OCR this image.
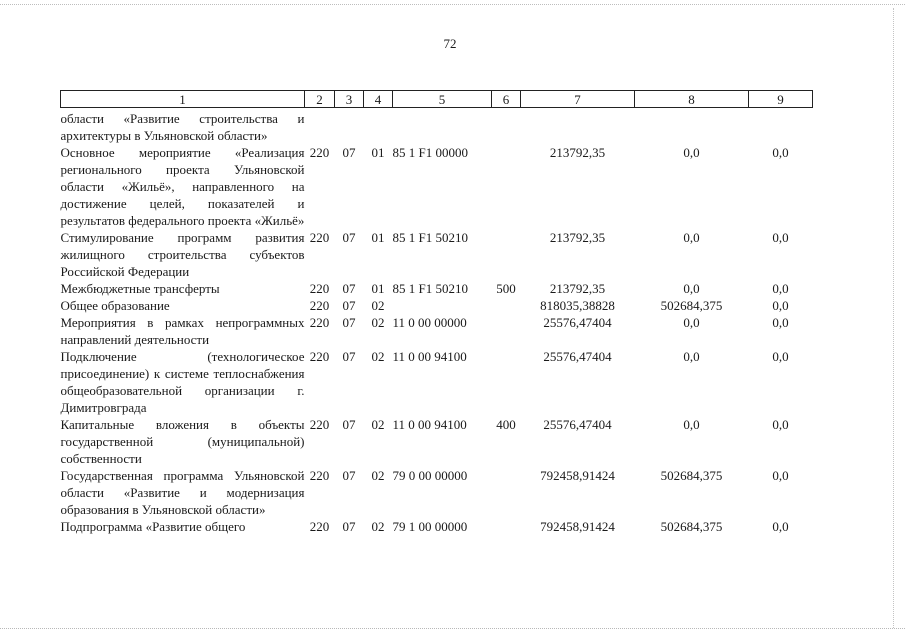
72
1	2	3	4	5	6	7	8	9
области «Развитие строительства и архитектуры в Ульяновской области»								
Основное мероприятие «Реализация регионального проекта Ульяновской области «Жильё», направленного на достижение целей, показателей и результатов федерального проекта «Жильё»	220	07	01	85 1 F1 00000		213792,35	0,0	0,0
Стимулирование программ развития жилищного строительства субъектов Российской Федерации	220	07	01	85 1 F1 50210		213792,35	0,0	0,0
Межбюджетные трансферты	220	07	01	85 1 F1 50210	500	213792,35	0,0	0,0
Общее образование	220	07	02			818035,38828	502684,375	0,0
Мероприятия в рамках непрограммных направлений деятельности	220	07	02	11 0 00 00000		25576,47404	0,0	0,0
Подключение (технологическое присоединение) к системе теплоснабжения общеобразовательной организации г. Димитровграда	220	07	02	11 0 00 94100		25576,47404	0,0	0,0
Капитальные вложения в объекты государственной (муниципальной) собственности	220	07	02	11 0 00 94100	400	25576,47404	0,0	0,0
Государственная программа Ульяновской области «Развитие и модернизация образования в Ульяновской области»	220	07	02	79 0 00 00000		792458,91424	502684,375	0,0
Подпрограмма «Развитие общего	220	07	02	79 1 00 00000		792458,91424	502684,375	0,0
